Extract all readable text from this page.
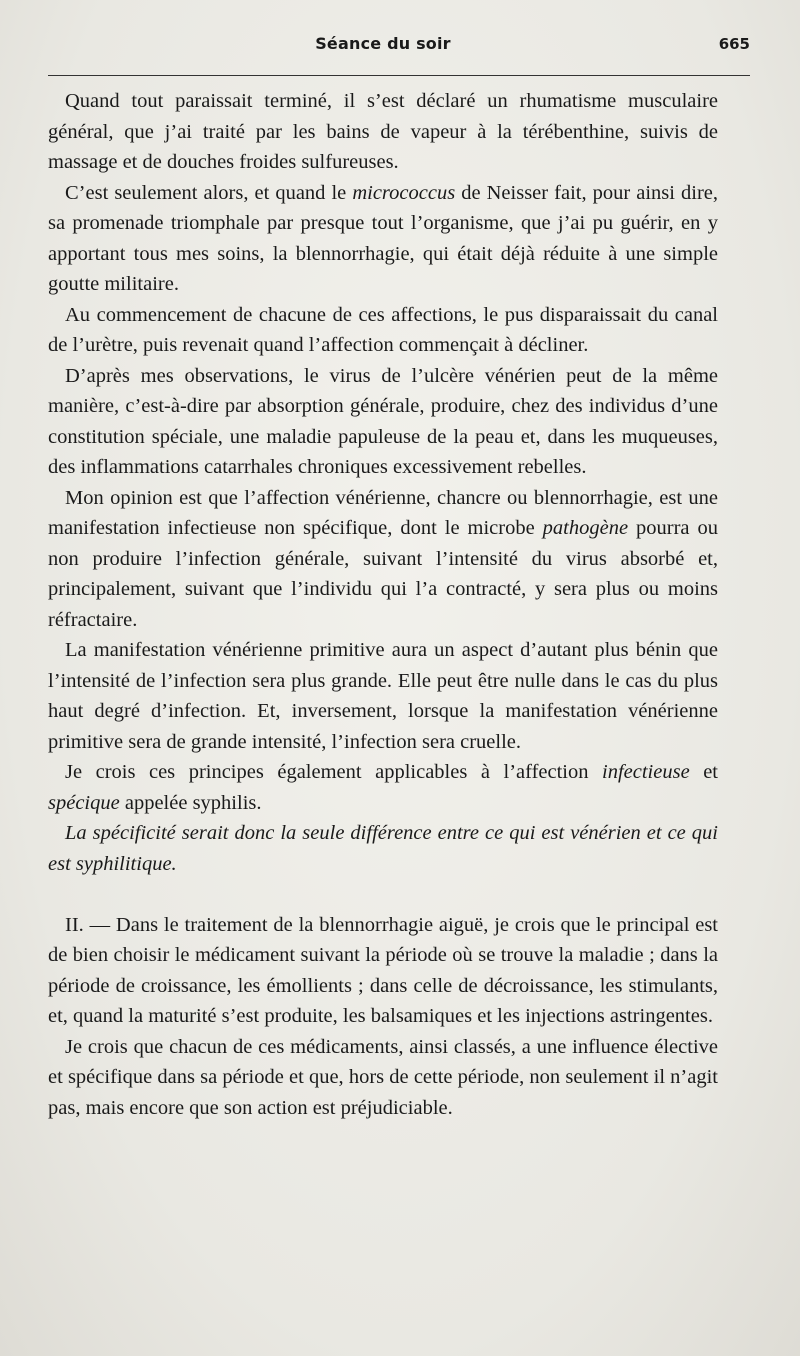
Séance du soir	665

Quand tout paraissait terminé, il s’est déclaré un rhumatisme musculaire général, que j’ai traité par les bains de vapeur à la térébenthine, suivis de massage et de douches froides sulfureuses.

C’est seulement alors, et quand le micrococcus de Neisser fait, pour ainsi dire, sa promenade triomphale par presque tout l’organisme, que j’ai pu guérir, en y apportant tous mes soins, la blennorrhagie, qui était déjà réduite à une simple goutte militaire.

Au commencement de chacune de ces affections, le pus disparaissait du canal de l’urètre, puis revenait quand l’affection commençait à décliner.

D’après mes observations, le virus de l’ulcère vénérien peut de la même manière, c’est-à-dire par absorption générale, produire, chez des individus d’une constitution spéciale, une maladie papuleuse de la peau et, dans les muqueuses, des inflammations catarrhales chroniques excessivement rebelles.

Mon opinion est que l’affection vénérienne, chancre ou blennorrhagie, est une manifestation infectieuse non spécifique, dont le microbe pathogène pourra ou non produire l’infection générale, suivant l’intensité du virus absorbé et, principalement, suivant que l’individu qui l’a contracté, y sera plus ou moins réfractaire.

La manifestation vénérienne primitive aura un aspect d’autant plus bénin que l’intensité de l’infection sera plus grande. Elle peut être nulle dans le cas du plus haut degré d’infection. Et, inversement, lorsque la manifestation vénérienne primitive sera de grande intensité, l’infection sera cruelle.

Je crois ces principes également applicables à l’affection infectieuse et spécique appelée syphilis.

La spécificité serait donc la seule différence entre ce qui est vénérien et ce qui est syphilitique.

II. — Dans le traitement de la blennorrhagie aiguë, je crois que le principal est de bien choisir le médicament suivant la période où se trouve la maladie ; dans la période de croissance, les émollients ; dans celle de décroissance, les stimulants, et, quand la maturité s’est produite, les balsamiques et les injections astringentes.

Je crois que chacun de ces médicaments, ainsi classés, a une influence élective et spécifique dans sa période et que, hors de cette période, non seulement il n’agit pas, mais encore que son action est préjudiciable.
